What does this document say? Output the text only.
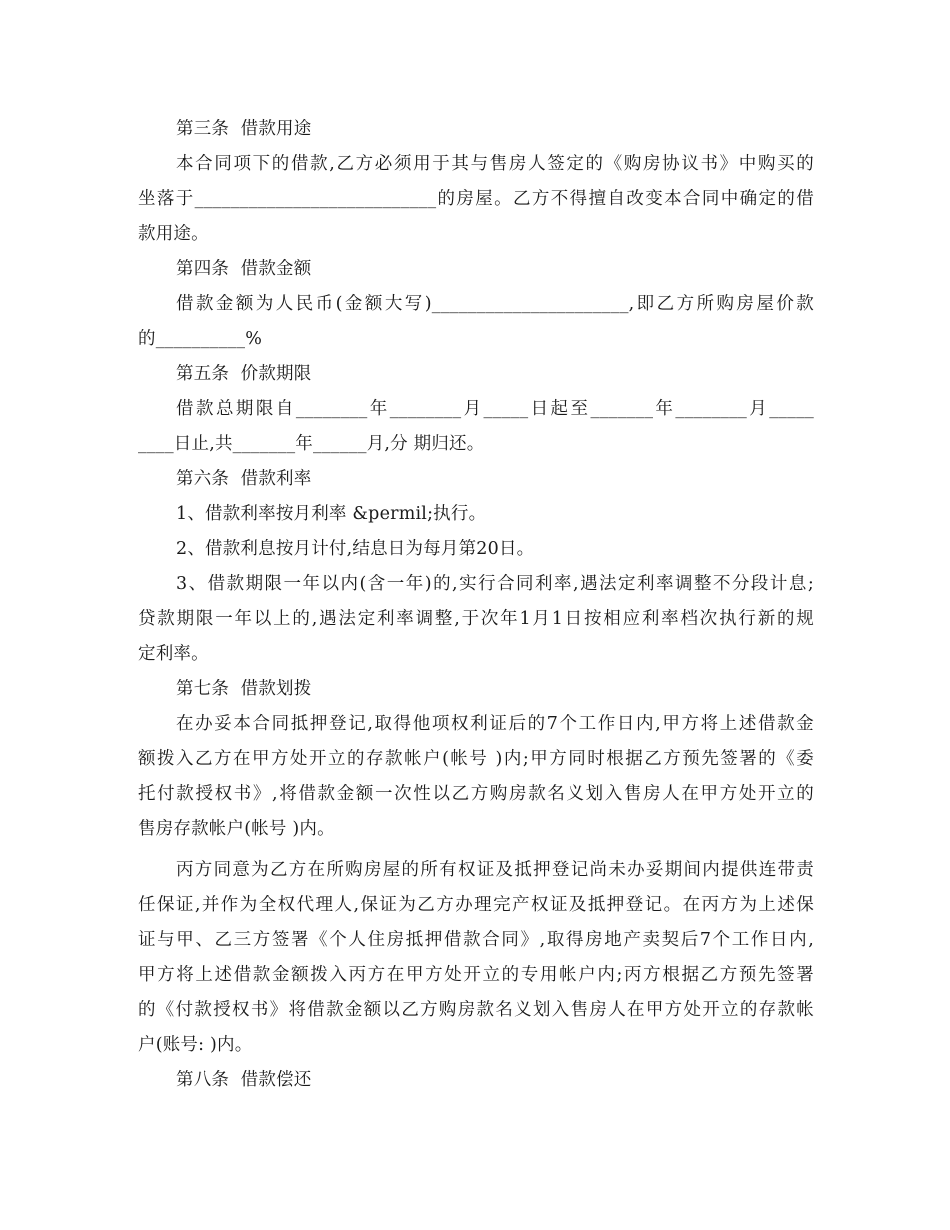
第三条  借款用途
本合同项下的借款,乙方必须用于其与售房人签定的《购房协议书》中购买的
坐落于___________________________的房屋。乙方不得擅自改变本合同中确定的借
款用途。
第四条  借款金额
借款金额为人民币(金额大写)______________________,即乙方所购房屋价款
的__________%
第五条  价款期限
借款总期限自________年________月_____日起至_______年________月_____
____日止,共_______年______月,分 期归还。
第六条  借款利率
1、借款利率按月利率 &permil;执行。
2、借款利息按月计付,结息日为每月第20日。
3、借款期限一年以内(含一年)的,实行合同利率,遇法定利率调整不分段计息;
贷款期限一年以上的,遇法定利率调整,于次年1月1日按相应利率档次执行新的规
定利率。
第七条  借款划拨
在办妥本合同抵押登记,取得他项权利证后的7个工作日内,甲方将上述借款金
额拨入乙方在甲方处开立的存款帐户(帐号 )内;甲方同时根据乙方预先签署的《委
托付款授权书》,将借款金额一次性以乙方购房款名义划入售房人在甲方处开立的
售房存款帐户(帐号 )内。
丙方同意为乙方在所购房屋的所有权证及抵押登记尚未办妥期间内提供连带责
任保证,并作为全权代理人,保证为乙方办理完产权证及抵押登记。在丙方为上述保
证与甲、乙三方签署《个人住房抵押借款合同》,取得房地产卖契后7个工作日内,
甲方将上述借款金额拨入丙方在甲方处开立的专用帐户内;丙方根据乙方预先签署
的《付款授权书》将借款金额以乙方购房款名义划入售房人在甲方处开立的存款帐
户(账号: )内。
第八条  借款偿还
